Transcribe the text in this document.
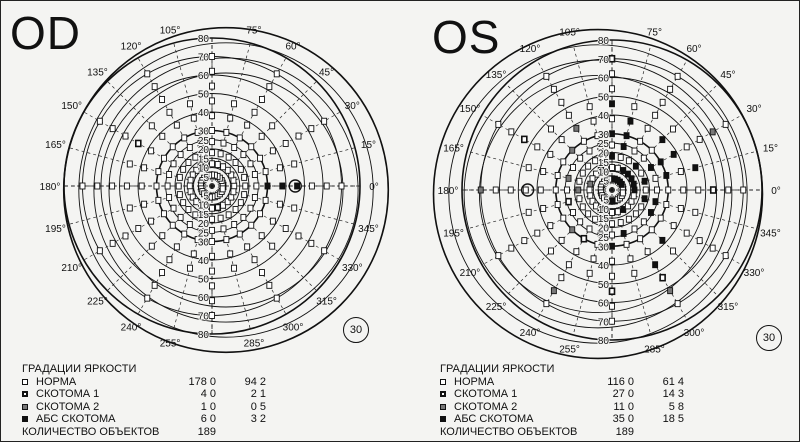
OD	OS
0°
15°
30°
45°
60°
75°
105°
120°
135°
150°
165°
180°
195°
210°
225°
240°
255°	285°
300°
315°
330°
345°
80
70
60
50
40
30
25
20
15
10
5
5
10
15
20
25
30
40
50
60
70
80
0°
15°
30°
45°
60°
75°
105°
120°
135°
150°
165°
180°
195°
210°
225°
240°
255°	285°
300°
315°
330°
345°
80
70
60
50
40
30
25
20
15
10
5
5
10
15
20
25
30
40
50
60
70
80
30
30
ГРАДАЦИИ ЯРКОСТИ
НОРМА	178 0	94 2
СКОТОМА 1	4 0	2 1
СКОТОМА 2	1 0	0 5
АБС СКОТОМА	6 0	3 2
КОЛИЧЕСТВО ОБЪЕКТОВ	189
ГРАДАЦИИ ЯРКОСТИ
НОРМА	116 0	61 4
СКОТОМА 1	27 0	14 3
СКОТОМА 2	11 0	5 8
АБС СКОТОМА	35 0	18 5
КОЛИЧЕСТВО ОБЪЕКТОВ	189
